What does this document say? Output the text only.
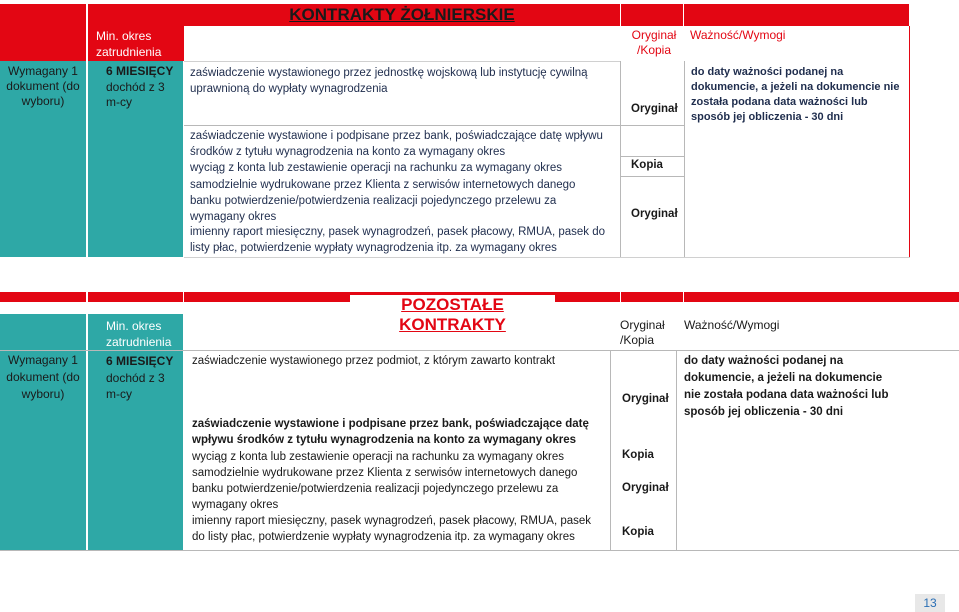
Min. okres zatrudnienia
KONTRAKTY ŻOŁNIERSKIE
Oryginał /Kopia
Ważność/Wymogi
Wymagany 1 dokument (do wyboru)
6 MIESIĘCY
dochód z 3 m-cy
zaświadczenie wystawionego przez jednostkę wojskową lub instytucję cywilną uprawnioną do wypłaty wynagrodzenia
zaświadczenie wystawione i podpisane przez bank, poświadczające datę wpływu środków z tytułu wynagrodzenia na konto za wymagany okres
wyciąg z konta lub zestawienie operacji na rachunku za wymagany okres
samodzielnie wydrukowane przez Klienta z serwisów internetowych danego banku potwierdzenie/potwierdzenia realizacji pojedynczego przelewu za wymagany okres
imienny raport miesięczny, pasek wynagrodzeń, pasek płacowy, RMUA, pasek do listy płac, potwierdzenie wypłaty wynagrodzenia itp. za wymagany okres
Oryginał
Kopia
Oryginał
do daty ważności podanej na dokumencie, a jeżeli na dokumencie nie została podana data ważności lub sposób jej obliczenia - 30 dni
POZOSTAŁE KONTRAKTY
Min. okres zatrudnienia
Oryginał /Kopia
Ważność/Wymogi
Wymagany 1 dokument (do wyboru)
6 MIESIĘCY
dochód z 3 m-cy
zaświadczenie wystawionego przez podmiot, z którym zawarto kontrakt
zaświadczenie wystawione i podpisane przez bank, poświadczające datę wpływu środków z tytułu wynagrodzenia na konto za wymagany okres
wyciąg z konta lub zestawienie operacji na rachunku za wymagany okres
samodzielnie wydrukowane przez Klienta z serwisów internetowych danego banku potwierdzenie/potwierdzenia realizacji pojedynczego przelewu za wymagany okres
imienny raport miesięczny, pasek wynagrodzeń, pasek płacowy, RMUA, pasek do listy płac, potwierdzenie wypłaty wynagrodzenia itp. za wymagany okres
Oryginał
Kopia
Oryginał
Kopia
do daty ważności podanej na dokumencie, a jeżeli na dokumencie nie została podana data ważności lub sposób jej obliczenia - 30 dni
13
